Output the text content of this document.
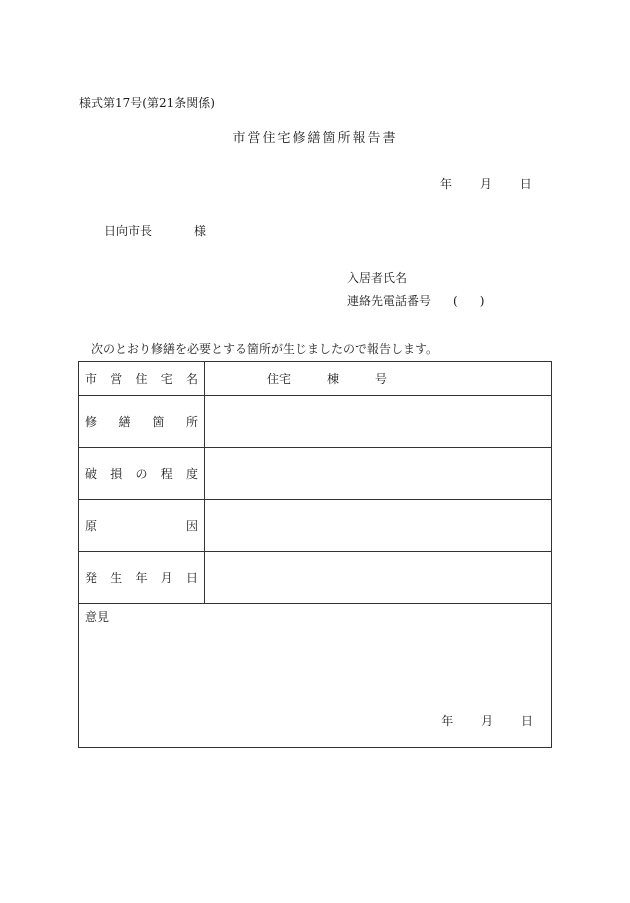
様式第17号(第21条関係)
市営住宅修繕箇所報告書
年 月 日
日向市長	様
入居者氏名
連絡先電話番号 ( )
次のとおり修繕を必要とする箇所が生じましたので報告します。
市 営 住 宅 名	住宅 棟 号

修 繕 箇 所	

破 損 の 程 度	

原 因	

発 生 年 月 日	

意見
年 月 日	
